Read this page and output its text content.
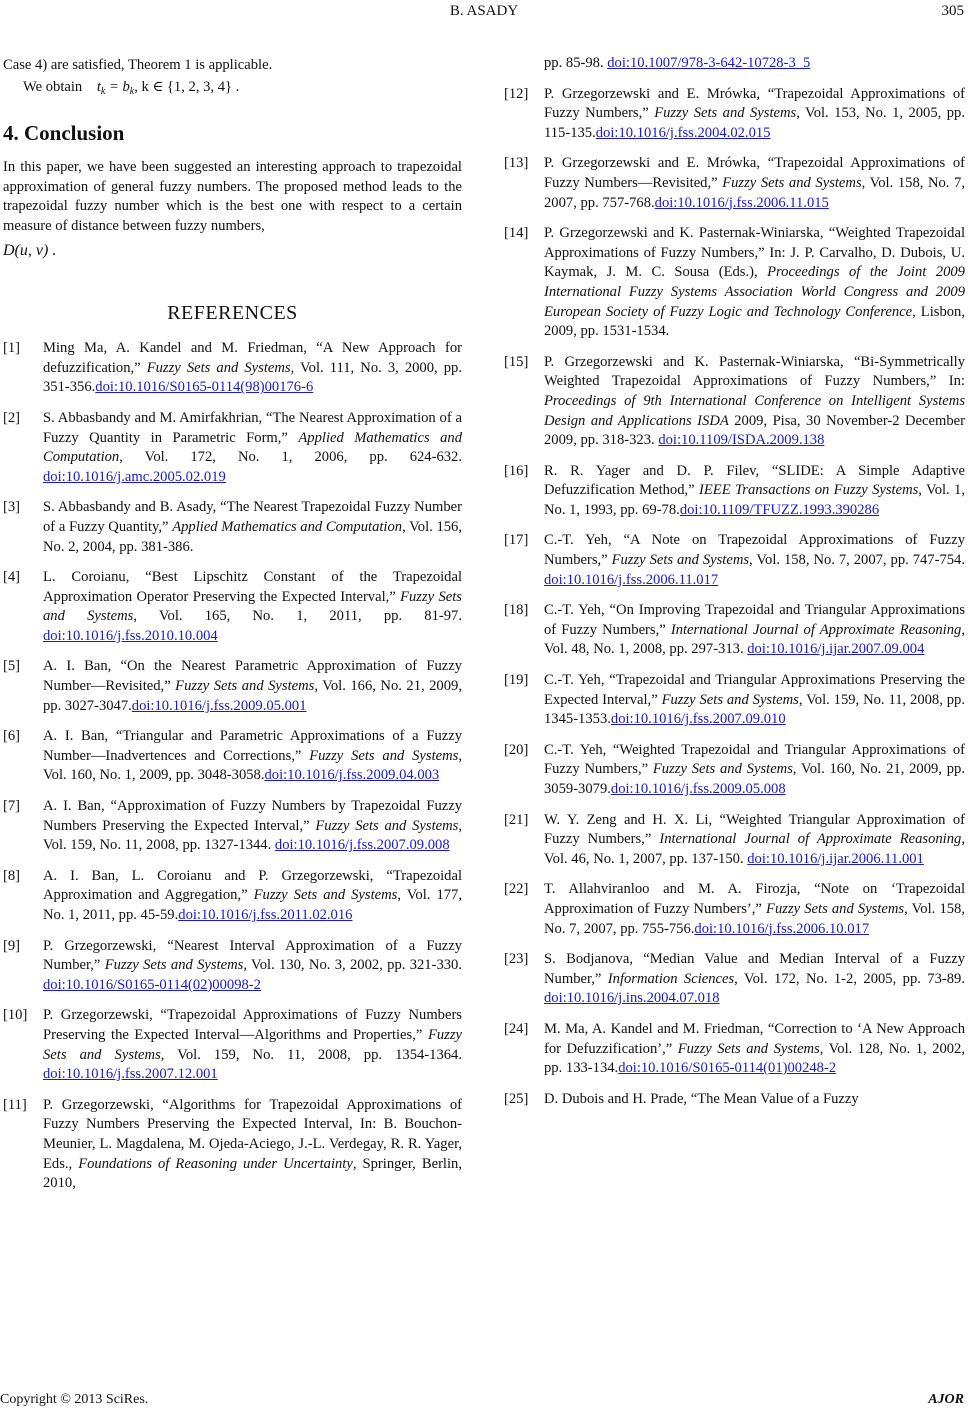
B. ASADY	305

Case 4) are satisfied, Theorem 1 is applicable.

We obtain $t_k = b_k$, k ∈ {1, 2, 3, 4} .

4. Conclusion

In this paper, we have been suggested an interesting approach to trapezoidal approximation of general fuzzy numbers. The proposed method leads to the trapezoidal fuzzy number which is the best one with respect to a certain measure of distance between fuzzy numbers,

D(u, v) .

REFERENCES
[1] Ming Ma, A. Kandel and M. Friedman, “A New Approach for defuzzification,” Fuzzy Sets and Systems, Vol. 111, No. 3, 2000, pp. 351-356.doi:10.1016/S0165-0114(98)00176-6
[2] S. Abbasbandy and M. Amirfakhrian, “The Nearest Approximation of a Fuzzy Quantity in Parametric Form,” Applied Mathematics and Computation, Vol. 172, No. 1, 2006, pp. 624-632. doi:10.1016/j.amc.2005.02.019
[3] S. Abbasbandy and B. Asady, “The Nearest Trapezoidal Fuzzy Number of a Fuzzy Quantity,” Applied Mathematics and Computation, Vol. 156, No. 2, 2004, pp. 381-386.
[4] L. Coroianu, “Best Lipschitz Constant of the Trapezoidal Approximation Operator Preserving the Expected Interval,” Fuzzy Sets and Systems, Vol. 165, No. 1, 2011, pp. 81-97. doi:10.1016/j.fss.2010.10.004
[5] A. I. Ban, “On the Nearest Parametric Approximation of Fuzzy Number—Revisited,” Fuzzy Sets and Systems, Vol. 166, No. 21, 2009, pp. 3027-3047.doi:10.1016/j.fss.2009.05.001
[6] A. I. Ban, “Triangular and Parametric Approximations of a Fuzzy Number—Inadvertences and Corrections,” Fuzzy Sets and Systems, Vol. 160, No. 1, 2009, pp. 3048-3058.doi:10.1016/j.fss.2009.04.003
[7] A. I. Ban, “Approximation of Fuzzy Numbers by Trapezoidal Fuzzy Numbers Preserving the Expected Interval,” Fuzzy Sets and Systems, Vol. 159, No. 11, 2008, pp. 1327-1344. doi:10.1016/j.fss.2007.09.008
[8] A. I. Ban, L. Coroianu and P. Grzegorzewski, “Trapezoidal Approximation and Aggregation,” Fuzzy Sets and Systems, Vol. 177, No. 1, 2011, pp. 45-59.doi:10.1016/j.fss.2011.02.016
[9] P. Grzegorzewski, “Nearest Interval Approximation of a Fuzzy Number,” Fuzzy Sets and Systems, Vol. 130, No. 3, 2002, pp. 321-330. doi:10.1016/S0165-0114(02)00098-2
[10] P. Grzegorzewski, “Trapezoidal Approximations of Fuzzy Numbers Preserving the Expected Interval—Algorithms and Properties,” Fuzzy Sets and Systems, Vol. 159, No. 11, 2008, pp. 1354-1364. doi:10.1016/j.fss.2007.12.001
[11] P. Grzegorzewski, “Algorithms for Trapezoidal Approximations of Fuzzy Numbers Preserving the Expected Interval, In: B. Bouchon-Meunier, L. Magdalena, M. Ojeda-Aciego, J.-L. Verdegay, R. R. Yager, Eds., Foundations of Reasoning under Uncertainty, Springer, Berlin, 2010,
pp. 85-98. doi:10.1007/978-3-642-10728-3_5
[12] P. Grzegorzewski and E. Mrówka, “Trapezoidal Approximations of Fuzzy Numbers,” Fuzzy Sets and Systems, Vol. 153, No. 1, 2005, pp. 115-135.doi:10.1016/j.fss.2004.02.015
[13] P. Grzegorzewski and E. Mrówka, “Trapezoidal Approximations of Fuzzy Numbers—Revisited,” Fuzzy Sets and Systems, Vol. 158, No. 7, 2007, pp. 757-768.doi:10.1016/j.fss.2006.11.015
[14] P. Grzegorzewski and K. Pasternak-Winiarska, “Weighted Trapezoidal Approximations of Fuzzy Numbers,” In: J. P. Carvalho, D. Dubois, U. Kaymak, J. M. C. Sousa (Eds.), Proceedings of the Joint 2009 International Fuzzy Systems Association World Congress and 2009 European Society of Fuzzy Logic and Technology Conference, Lisbon, 2009, pp. 1531-1534.
[15] P. Grzegorzewski and K. Pasternak-Winiarska, “Bi-Symmetrically Weighted Trapezoidal Approximations of Fuzzy Numbers,” In: Proceedings of 9th International Conference on Intelligent Systems Design and Applications ISDA 2009, Pisa, 30 November-2 December 2009, pp. 318-323. doi:10.1109/ISDA.2009.138
[16] R. R. Yager and D. P. Filev, “SLIDE: A Simple Adaptive Defuzzification Method,” IEEE Transactions on Fuzzy Systems, Vol. 1, No. 1, 1993, pp. 69-78.doi:10.1109/TFUZZ.1993.390286
[17] C.-T. Yeh, “A Note on Trapezoidal Approximations of Fuzzy Numbers,” Fuzzy Sets and Systems, Vol. 158, No. 7, 2007, pp. 747-754. doi:10.1016/j.fss.2006.11.017
[18] C.-T. Yeh, “On Improving Trapezoidal and Triangular Approximations of Fuzzy Numbers,” International Journal of Approximate Reasoning, Vol. 48, No. 1, 2008, pp. 297-313. doi:10.1016/j.ijar.2007.09.004
[19] C.-T. Yeh, “Trapezoidal and Triangular Approximations Preserving the Expected Interval,” Fuzzy Sets and Systems, Vol. 159, No. 11, 2008, pp. 1345-1353.doi:10.1016/j.fss.2007.09.010
[20] C.-T. Yeh, “Weighted Trapezoidal and Triangular Approximations of Fuzzy Numbers,” Fuzzy Sets and Systems, Vol. 160, No. 21, 2009, pp. 3059-3079.doi:10.1016/j.fss.2009.05.008
[21] W. Y. Zeng and H. X. Li, “Weighted Triangular Approximation of Fuzzy Numbers,” International Journal of Approximate Reasoning, Vol. 46, No. 1, 2007, pp. 137-150. doi:10.1016/j.ijar.2006.11.001
[22] T. Allahviranloo and M. A. Firozja, “Note on ‘Trapezoidal Approximation of Fuzzy Numbers’,” Fuzzy Sets and Systems, Vol. 158, No. 7, 2007, pp. 755-756.doi:10.1016/j.fss.2006.10.017
[23] S. Bodjanova, “Median Value and Median Interval of a Fuzzy Number,” Information Sciences, Vol. 172, No. 1-2, 2005, pp. 73-89. doi:10.1016/j.ins.2004.07.018
[24] M. Ma, A. Kandel and M. Friedman, “Correction to ‘A New Approach for Defuzzification’,” Fuzzy Sets and Systems, Vol. 128, No. 1, 2002, pp. 133-134.doi:10.1016/S0165-0114(01)00248-2
[25] D. Dubois and H. Prade, “The Mean Value of a Fuzzy
Copyright © 2013 SciRes.	AJOR
